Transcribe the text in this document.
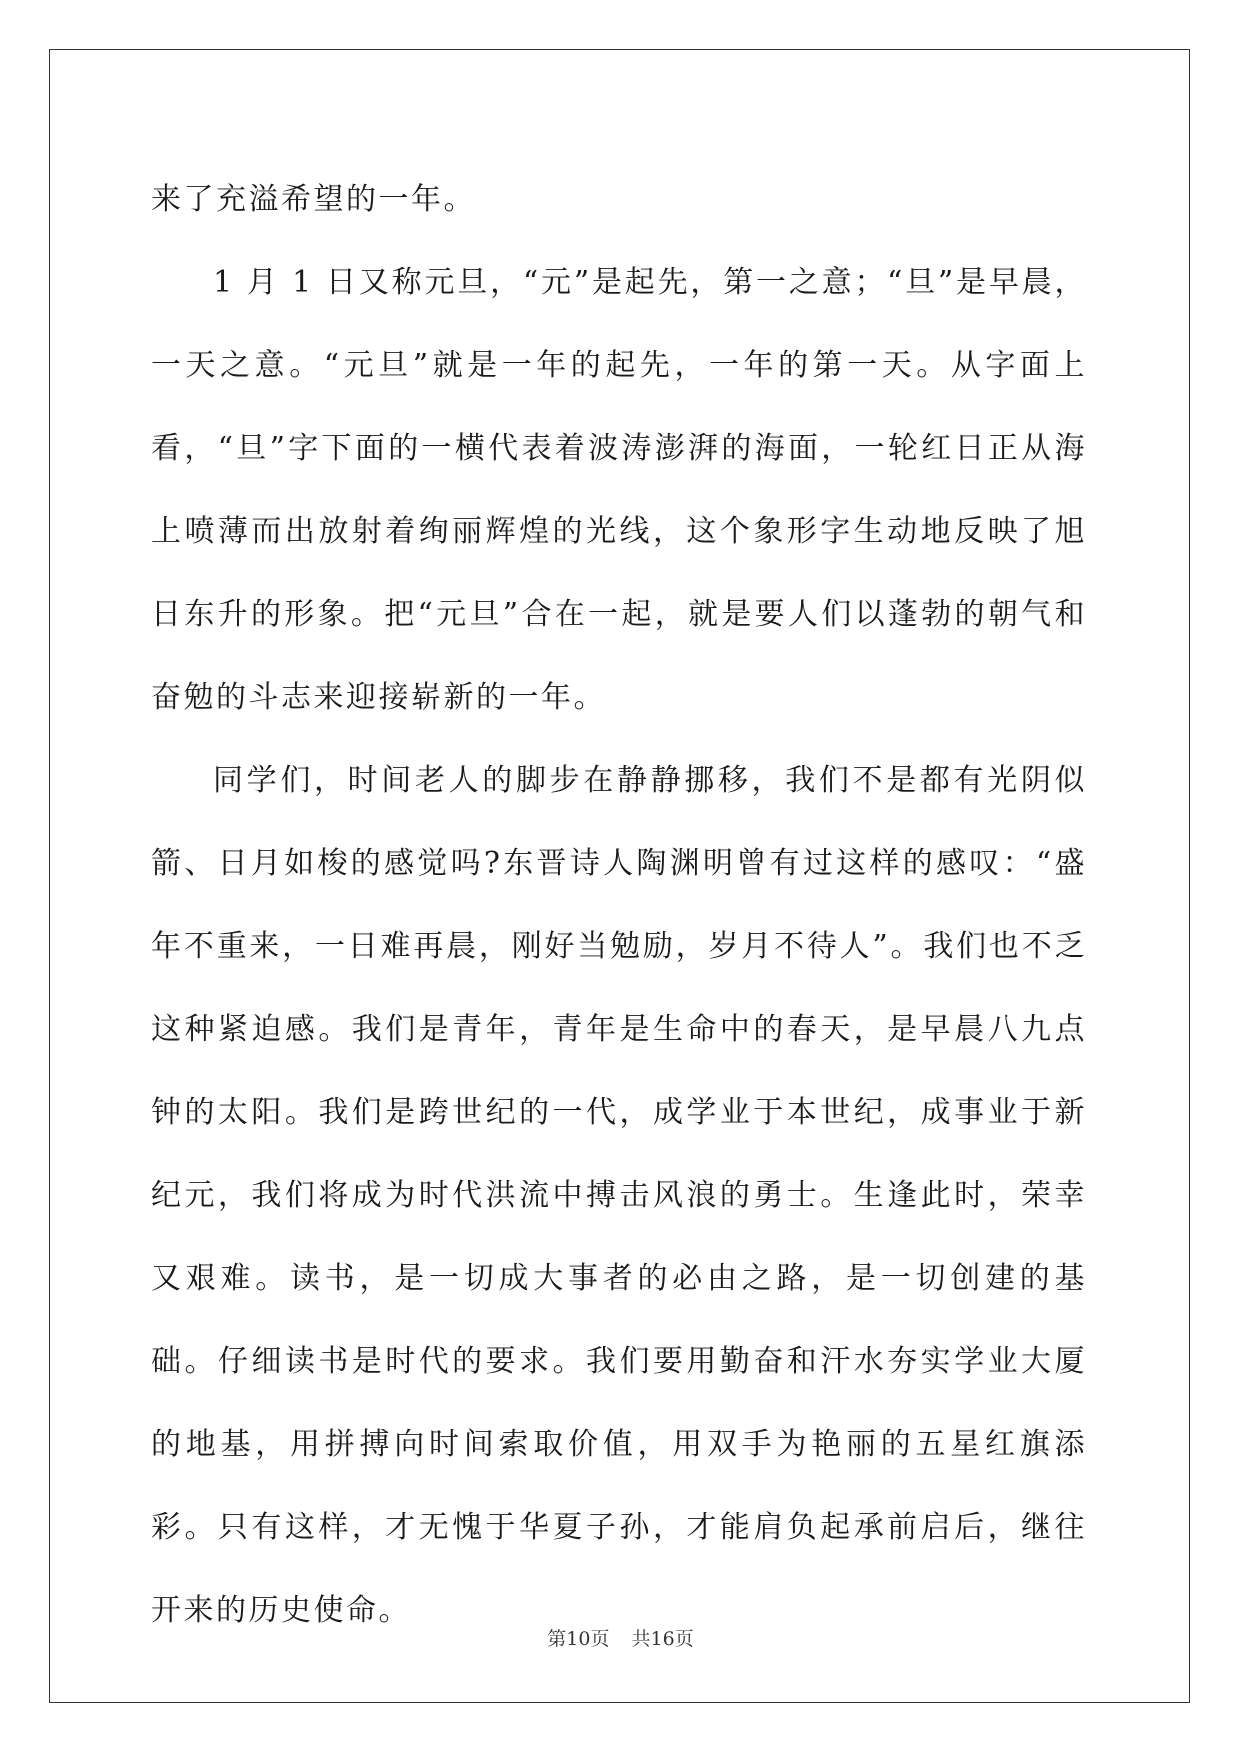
来了充溢希望的一年。

1 月 1 日又称元旦，“元”是起先，第一之意；“旦”是早晨，一天之意。“元旦”就是一年的起先，一年的第一天。从字面上看，“旦”字下面的一横代表着波涛澎湃的海面，一轮红日正从海上喷薄而出放射着绚丽辉煌的光线，这个象形字生动地反映了旭日东升的形象。把“元旦”合在一起，就是要人们以蓬勃的朝气和奋勉的斗志来迎接崭新的一年。

同学们，时间老人的脚步在静静挪移，我们不是都有光阴似箭、日月如梭的感觉吗?东晋诗人陶渊明曾有过这样的感叹：“盛年不重来，一日难再晨，刚好当勉励，岁月不待人”。我们也不乏这种紧迫感。我们是青年，青年是生命中的春天，是早晨八九点钟的太阳。我们是跨世纪的一代，成学业于本世纪，成事业于新纪元，我们将成为时代洪流中搏击风浪的勇士。生逢此时，荣幸又艰难。读书，是一切成大事者的必由之路，是一切创建的基础。仔细读书是时代的要求。我们要用勤奋和汗水夯实学业大厦的地基，用拼搏向时间索取价值，用双手为艳丽的五星红旗添彩。只有这样，才无愧于华夏子孙，才能肩负起承前启后，继往开来的历史使命。

第10页 共16页
